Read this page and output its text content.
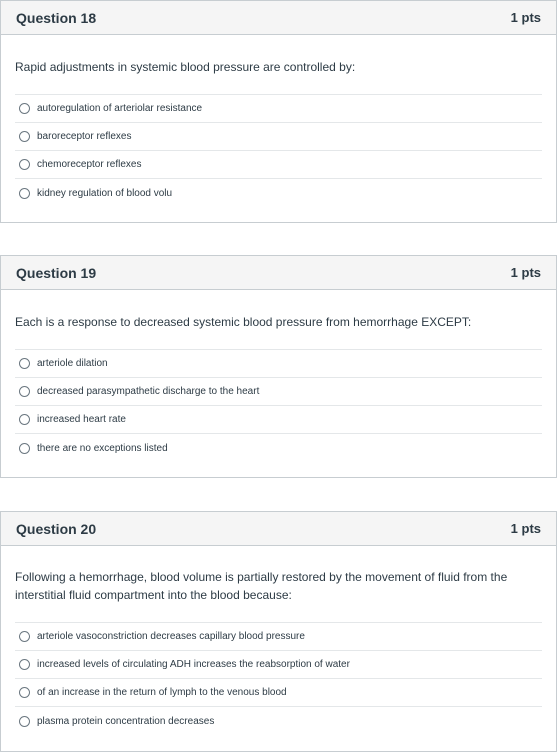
Question 18	1 pts

Rapid adjustments in systemic blood pressure are controlled by:

autoregulation of arteriolar resistance
baroreceptor reflexes
chemoreceptor reflexes
kidney regulation of blood volu
Question 19	1 pts

Each is a response to decreased systemic blood pressure from hemorrhage EXCEPT:

arteriole dilation
decreased parasympathetic discharge to the heart
increased heart rate
there are no exceptions listed
Question 20	1 pts

Following a hemorrhage, blood volume is partially restored by the movement of fluid from the interstitial fluid compartment into the blood because:

arteriole vasoconstriction decreases capillary blood pressure
increased levels of circulating ADH increases the reabsorption of water
of an increase in the return of lymph to the venous blood
plasma protein concentration decreases
